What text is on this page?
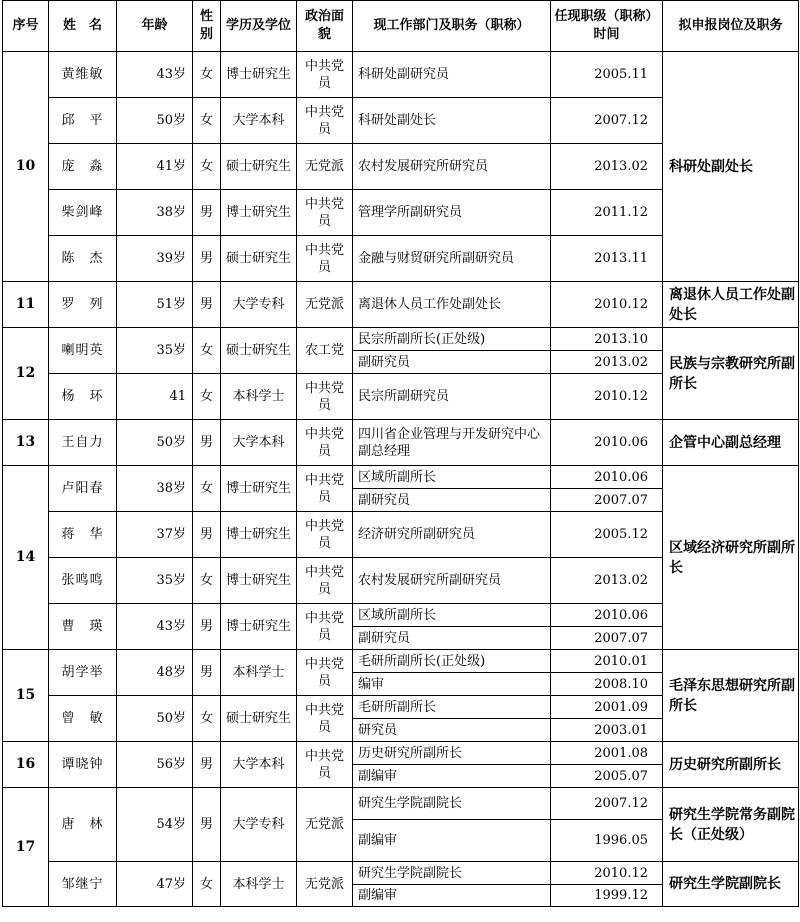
序号	姓　名	年龄	性别	学历及学位	政治面貌	现工作部门及职务（职称）	任现职级（职称）时间	拟申报岗位及职务
10	黄维敏	43岁	女	博士研究生	中共党员	科研处副研究员	2005.11	科研处副处长
	邱　平	50岁	女	大学本科	中共党员	科研处副处长	2007.12	
	庞　淼	41岁	女	硕士研究生	无党派	农村发展研究所研究员	2013.02	
	柴剑峰	38岁	男	博士研究生	中共党员	管理学所副研究员	2011.12	
	陈　杰	39岁	男	硕士研究生	中共党员	金融与财贸研究所副研究员	2013.11	
11	罗　列	51岁	男	大学专科	无党派	离退休人员工作处副处长	2010.12	离退休人员工作处副处长
12	喇明英	35岁	女	硕士研究生	农工党	民宗所副所长(正处级)	2013.10	民族与宗教研究所副所长
						副研究员	2013.02	
	杨　环	41	女	本科学士	中共党员	民宗所副研究员	2010.12	
13	王自力	50岁	男	大学本科	中共党员	四川省企业管理与开发研究中心副总经理	2010.06	企管中心副总经理
14	卢阳春	38岁	女	博士研究生	中共党员	区域所副所长	2010.06	区域经济研究所副所长
						副研究员	2007.07	
	蒋　华	37岁	男	博士研究生	中共党员	经济研究所副研究员	2005.12	
	张鸣鸣	35岁	女	博士研究生	中共党员	农村发展研究所副研究员	2013.02	
	曹　瑛	43岁	男	博士研究生	中共党员	区域所副所长	2010.06	
						副研究员	2007.07	
15	胡学举	48岁	男	本科学士	中共党员	毛研所副所长(正处级)	2010.01	毛泽东思想研究所副所长
						编审	2008.10	
	曾　敏	50岁	女	硕士研究生	中共党员	毛研所副所长	2001.09	
						研究员	2003.01	
16	谭晓钟	56岁	男	大学本科	中共党员	历史研究所副所长	2001.08	历史研究所副所长
						副编审	2005.07	
17	唐　林	54岁	男	大学专科	无党派	研究生学院副院长	2007.12	研究生学院常务副院长（正处级）
						副编审	1996.05	
	邹继宁	47岁	女	本科学士	无党派	研究生学院副院长	2010.12	研究生学院副院长
						副编审	1999.12	
